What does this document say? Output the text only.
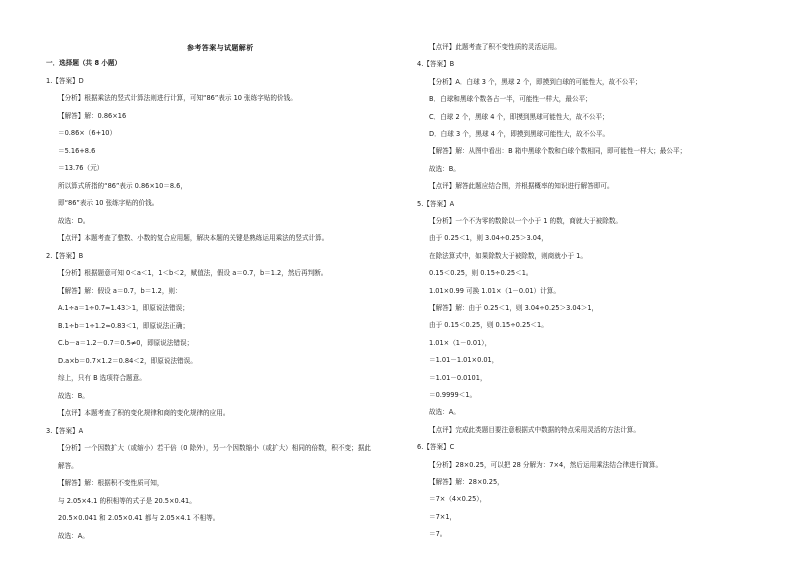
参考答案与试题解析
一．选择题（共 8 小题）
1.【答案】D
【分析】根据乘法的竖式计算法则进行计算，可知“86”表示 10 张练字贴的价钱。
【解答】解：0.86×16
＝0.86×（6+10）
＝5.16+8.6
＝13.76（元）
所以算式所指的“86”表示 0.86×10＝8.6，
即“86”表示 10 张练字贴的价钱。
故选：D。
【点评】本题考查了整数、小数的复合应用题，解决本题的关键是熟练运用乘法的竖式计算。
2.【答案】B
【分析】根据题意可知 0＜a＜1，1＜b＜2，赋值法，假设 a＝0.7，b＝1.2，然后再判断。
【解答】解：假设 a＝0.7，b＝1.2，则：
A.1÷a＝1÷0.7≈1.43＞1，即原说法错误；
B.1÷b＝1÷1.2≈0.83＜1，即原说法正确；
C.b－a＝1.2－0.7＝0.5≠0，即原说法错误；
D.a×b＝0.7×1.2＝0.84＜2，即原说法错误。
综上，只有 B 选项符合题意。
故选：B。
【点评】本题考查了积的变化规律和商的变化规律的应用。
3.【答案】A
【分析】一个因数扩大（或缩小）若干倍（0 除外），另一个因数缩小（或扩大）相同的倍数，积不变；据此
解答。
【解答】解：根据积不变性质可知，
与 2.05×4.1 的积相等的式子是 20.5×0.41。
20.5×0.041 和 2.05×0.41 都与 2.05×4.1 不相等。
故选：A。
【点评】此题考查了积不变性质的灵活运用。
4.【答案】B
【分析】A．白球 3 个，黑球 2 个，即摸到白球的可能性大，故不公平；
B．白球和黑球个数各占一半，可能性一样大，最公平；
C．白球 2 个，黑球 4 个，即摸到黑球可能性大，故不公平；
D．白球 3 个，黑球 4 个，即摸到黑球可能性大，故不公平。
【解答】解：从图中看出：B 箱中黑球个数和白球个数相同，即可能性一样大；最公平；
故选：B。
【点评】解答此题应结合图，并根据概率的知识进行解答即可。
5.【答案】A
【分析】一个不为零的数除以一个小于 1 的数，商就大于被除数。
由于 0.25＜1，则 3.04÷0.25＞3.04，
在除法算式中，如果除数大于被除数，则商就小于 1。
0.15＜0.25，则 0.15÷0.25＜1。
1.01×0.99 可换 1.01×（1－0.01）计算。
【解答】解：由于 0.25＜1，则 3.04÷0.25＞3.04＞1，
由于 0.15＜0.25，则 0.15÷0.25＜1。
1.01×（1－0.01），
＝1.01－1.01×0.01，
＝1.01－0.0101，
＝0.9999＜1。
故选：A。
【点评】完成此类题目要注意根据式中数据的特点采用灵活的方法计算。
6.【答案】C
【分析】28×0.25，可以把 28 分解为：7×4，然后运用乘法结合律进行简算。
【解答】解：28×0.25，
＝7×（4×0.25），
＝7×1，
＝7。
